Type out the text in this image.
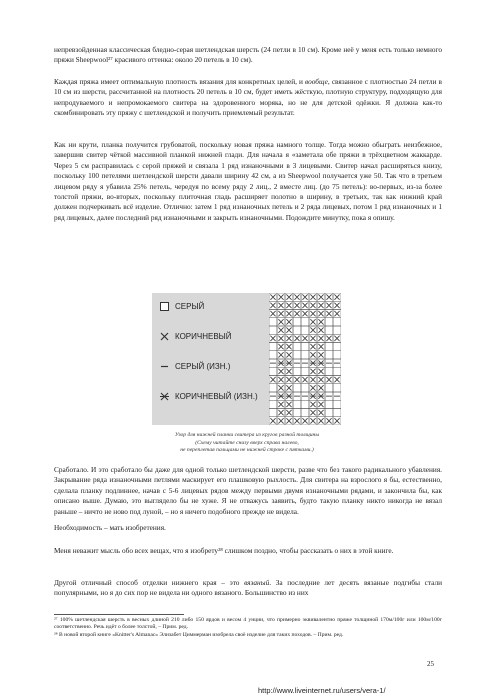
непревзойденная классическая бледно-серая шетлендская шерсть (24 петли в 10 см). Кроме неё у меня есть только немного пряжи Sheepwool²⁷ красивого оттенка: около 20 петель в 10 см).

Каждая пряжа имеет оптимальную плотность вязания для конкретных целей, и вообще, связанное с плотностью 24 петли в 10 см из шерсти, рассчитанной на плотность 20 петель в 10 см, будет иметь жёсткую, плотную структуру, подходящую для непродуваемого и непромокаемого свитера на здоровенного моряка, но не для детской одёжки. Я должна как-то скомбинировать эту пряжу с шетлендской и получить приемлемый результат.

Как ни крути, планка получится грубоватой, поскольку новая пряжа намного толще. Тогда можно обыграть неизбежное, завершив свитер чёткой массивной планкой нижней глади. Для начала я «заметала обе пряжи в трёхцветном жаккарде. Через 5 см расправилась с серой пряжей и связала 1 ряд изнаночными в 3 лицевыми. Свитер начал расширяться книзу, поскольку 100 петелями шетлендской шерсти давали ширину 42 см, а из Sheepwool получается уже 50. Так что в третьем лицевом ряду я убавила 25% петель, чередуя по всему ряду 2 лиц., 2 вместе лиц. (до 75 петель): во-первых, из-за более толстой пряжи, во-вторых, поскольку плиточная гладь расширяет полотно в ширину, в третьих, так как нижний край должен подчеркивать всё изделие. Отлично: затем 1 ряд изнаночных петель и 2 ряда лицевых, потом 1 ряд изнаночных и 1 ряд лицевых, далее последний ряд изнаночными и закрыть изнаночными. Подождите минутку, пока я опишу.

СЕРЫЙ
КОРИЧНЕВЫЙ
СЕРЫЙ (ИЗН.)
КОРИЧНЕВЫЙ (ИЗН.)
Узор для нижней планки свитера из кругов разной толщины
(Схему читайте снизу вверх справа налево,
не переплетая пальцами не нижней строке с пятками.)

Сработало. И это сработало бы даже для одной только шетлендской шерсти, разве что без такого радикального убавления. Закрывание ряда изнаночными петлями маскирует его плашковую рыхлость. Для свитера на взрослого я бы, естественно, сделала планку подлиннее, начав с 5-6 лицевых рядов между первыми двумя изнаночными рядами, и закончила бы, как описано выше. Думаю, это выглядело бы не хуже. Я не отважусь заявить, будто такую планку никто никогда не вязал раньше – ничто не ново под луной, – но я ничего подобного прежде не видела.

Необходимость – мать изобретения.

Меня неважит мысль обо всех вещах, что я изобрету²⁸ слишком поздно, чтобы рассказать о них в этой книге.

Другой отличный способ отделки нижнего края – это вязаный. За последние лет десять вязаные подгибы стали популярными, но я до сих пор не видела ни одного вязаного. Большинство из них

²⁷ 100% шетлендская шерсть в весных длиной 210 либо 150 ярдов и весом 4 унции, что примерно эквивалентно пряже толщиной 170м/100г или 100м/100г соответственно. Речь идёт о более толстой, – Прим. ред.

²⁸ В новой второй книге «Knitter's Almanac» Элизабет Циммерман изобрела своё изделие для таких походов. – Прим. ред.

25
http://www.liveinternet.ru/users/vera-1/
